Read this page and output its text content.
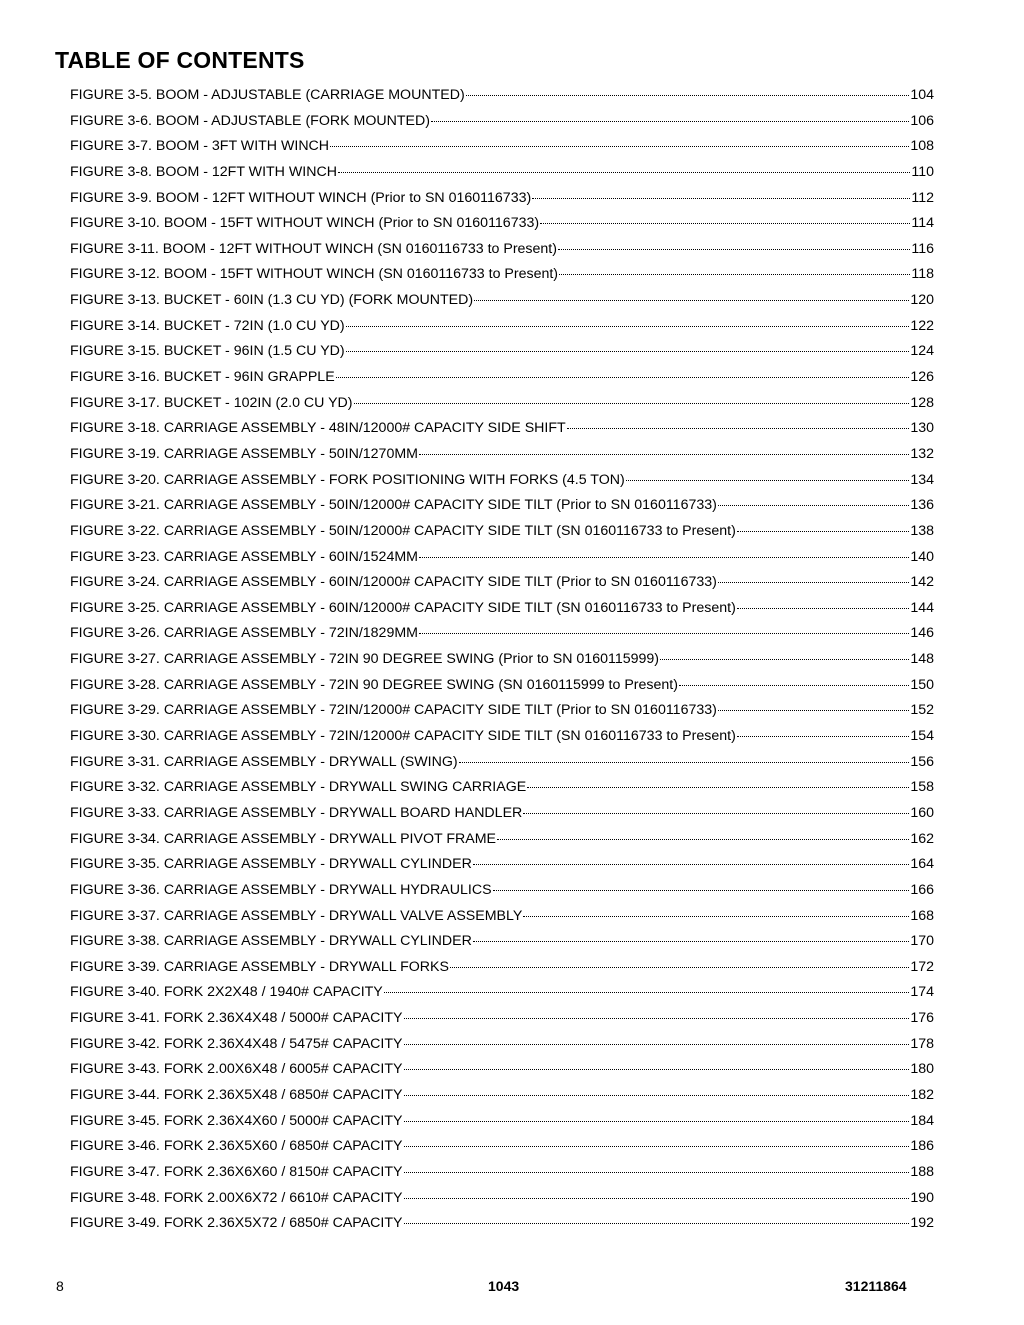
TABLE OF CONTENTS
FIGURE 3-5. BOOM - ADJUSTABLE (CARRIAGE MOUNTED)	104
FIGURE 3-6. BOOM - ADJUSTABLE (FORK MOUNTED)	106
FIGURE 3-7. BOOM - 3FT WITH WINCH	108
FIGURE 3-8. BOOM - 12FT WITH WINCH	110
FIGURE 3-9. BOOM - 12FT WITHOUT WINCH (Prior to SN 0160116733)	112
FIGURE 3-10. BOOM - 15FT WITHOUT WINCH (Prior to SN 0160116733)	114
FIGURE 3-11. BOOM - 12FT WITHOUT WINCH (SN 0160116733 to Present)	116
FIGURE 3-12. BOOM - 15FT WITHOUT WINCH (SN 0160116733 to Present)	118
FIGURE 3-13. BUCKET - 60IN (1.3 CU YD) (FORK MOUNTED)	120
FIGURE 3-14. BUCKET - 72IN (1.0 CU YD)	122
FIGURE 3-15. BUCKET - 96IN (1.5 CU YD)	124
FIGURE 3-16. BUCKET - 96IN GRAPPLE	126
FIGURE 3-17. BUCKET - 102IN (2.0 CU YD)	128
FIGURE 3-18. CARRIAGE ASSEMBLY - 48IN/12000# CAPACITY SIDE SHIFT	130
FIGURE 3-19. CARRIAGE ASSEMBLY - 50IN/1270MM	132
FIGURE 3-20. CARRIAGE ASSEMBLY - FORK POSITIONING WITH FORKS (4.5 TON)	134
FIGURE 3-21. CARRIAGE ASSEMBLY - 50IN/12000# CAPACITY SIDE TILT (Prior to SN 0160116733)	136
FIGURE 3-22. CARRIAGE ASSEMBLY - 50IN/12000# CAPACITY SIDE TILT (SN 0160116733 to Present)	138
FIGURE 3-23. CARRIAGE ASSEMBLY - 60IN/1524MM	140
FIGURE 3-24. CARRIAGE ASSEMBLY - 60IN/12000# CAPACITY SIDE TILT (Prior to SN 0160116733)	142
FIGURE 3-25. CARRIAGE ASSEMBLY - 60IN/12000# CAPACITY SIDE TILT (SN 0160116733 to Present)	144
FIGURE 3-26. CARRIAGE ASSEMBLY - 72IN/1829MM	146
FIGURE 3-27. CARRIAGE ASSEMBLY - 72IN 90 DEGREE SWING (Prior to SN 0160115999)	148
FIGURE 3-28. CARRIAGE ASSEMBLY - 72IN 90 DEGREE SWING (SN 0160115999 to Present)	150
FIGURE 3-29. CARRIAGE ASSEMBLY - 72IN/12000# CAPACITY SIDE TILT (Prior to SN 0160116733)	152
FIGURE 3-30. CARRIAGE ASSEMBLY - 72IN/12000# CAPACITY SIDE TILT (SN 0160116733 to Present)	154
FIGURE 3-31. CARRIAGE ASSEMBLY - DRYWALL (SWING)	156
FIGURE 3-32. CARRIAGE ASSEMBLY - DRYWALL SWING CARRIAGE	158
FIGURE 3-33. CARRIAGE ASSEMBLY - DRYWALL BOARD HANDLER	160
FIGURE 3-34. CARRIAGE ASSEMBLY - DRYWALL PIVOT FRAME	162
FIGURE 3-35. CARRIAGE ASSEMBLY - DRYWALL CYLINDER	164
FIGURE 3-36. CARRIAGE ASSEMBLY - DRYWALL HYDRAULICS	166
FIGURE 3-37. CARRIAGE ASSEMBLY - DRYWALL VALVE ASSEMBLY	168
FIGURE 3-38. CARRIAGE ASSEMBLY - DRYWALL CYLINDER	170
FIGURE 3-39. CARRIAGE ASSEMBLY - DRYWALL FORKS	172
FIGURE 3-40. FORK 2X2X48 / 1940# CAPACITY	174
FIGURE 3-41. FORK 2.36X4X48 / 5000# CAPACITY	176
FIGURE 3-42. FORK 2.36X4X48 / 5475# CAPACITY	178
FIGURE 3-43. FORK 2.00X6X48 / 6005# CAPACITY	180
FIGURE 3-44. FORK 2.36X5X48 / 6850# CAPACITY	182
FIGURE 3-45. FORK 2.36X4X60 / 5000# CAPACITY	184
FIGURE 3-46. FORK 2.36X5X60 / 6850# CAPACITY	186
FIGURE 3-47. FORK 2.36X6X60 / 8150# CAPACITY	188
FIGURE 3-48. FORK 2.00X6X72 / 6610# CAPACITY	190
FIGURE 3-49. FORK 2.36X5X72 / 6850# CAPACITY	192
8	1043	31211864
